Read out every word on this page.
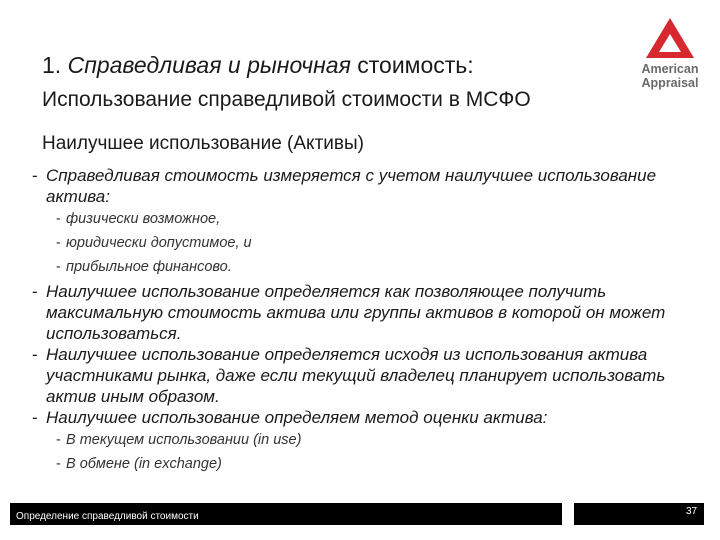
1. Справедливая и рыночная стоимость:
Использование справедливой стоимости в МСФО
American
Appraisal
Наилучшее использование (Активы)

- Справедливая стоимость измеряется с учетом наилучшее использование актива:

- физически возможное,

- юридически допустимое, и

- прибыльное финансово.

- Наилучшее использование определяется как позволяющее получить максимальную стоимость актива или группы активов в которой он может использоваться.

- Наилучшее использование определяется исходя из использования актива участниками рынка, даже если текущий владелец планирует использовать актив иным образом.

- Наилучшее использование определяем метод оценки актива:

- В текущем использовании (in use)

- В обмене (in exchange)

Определение справедливой стоимости	37
